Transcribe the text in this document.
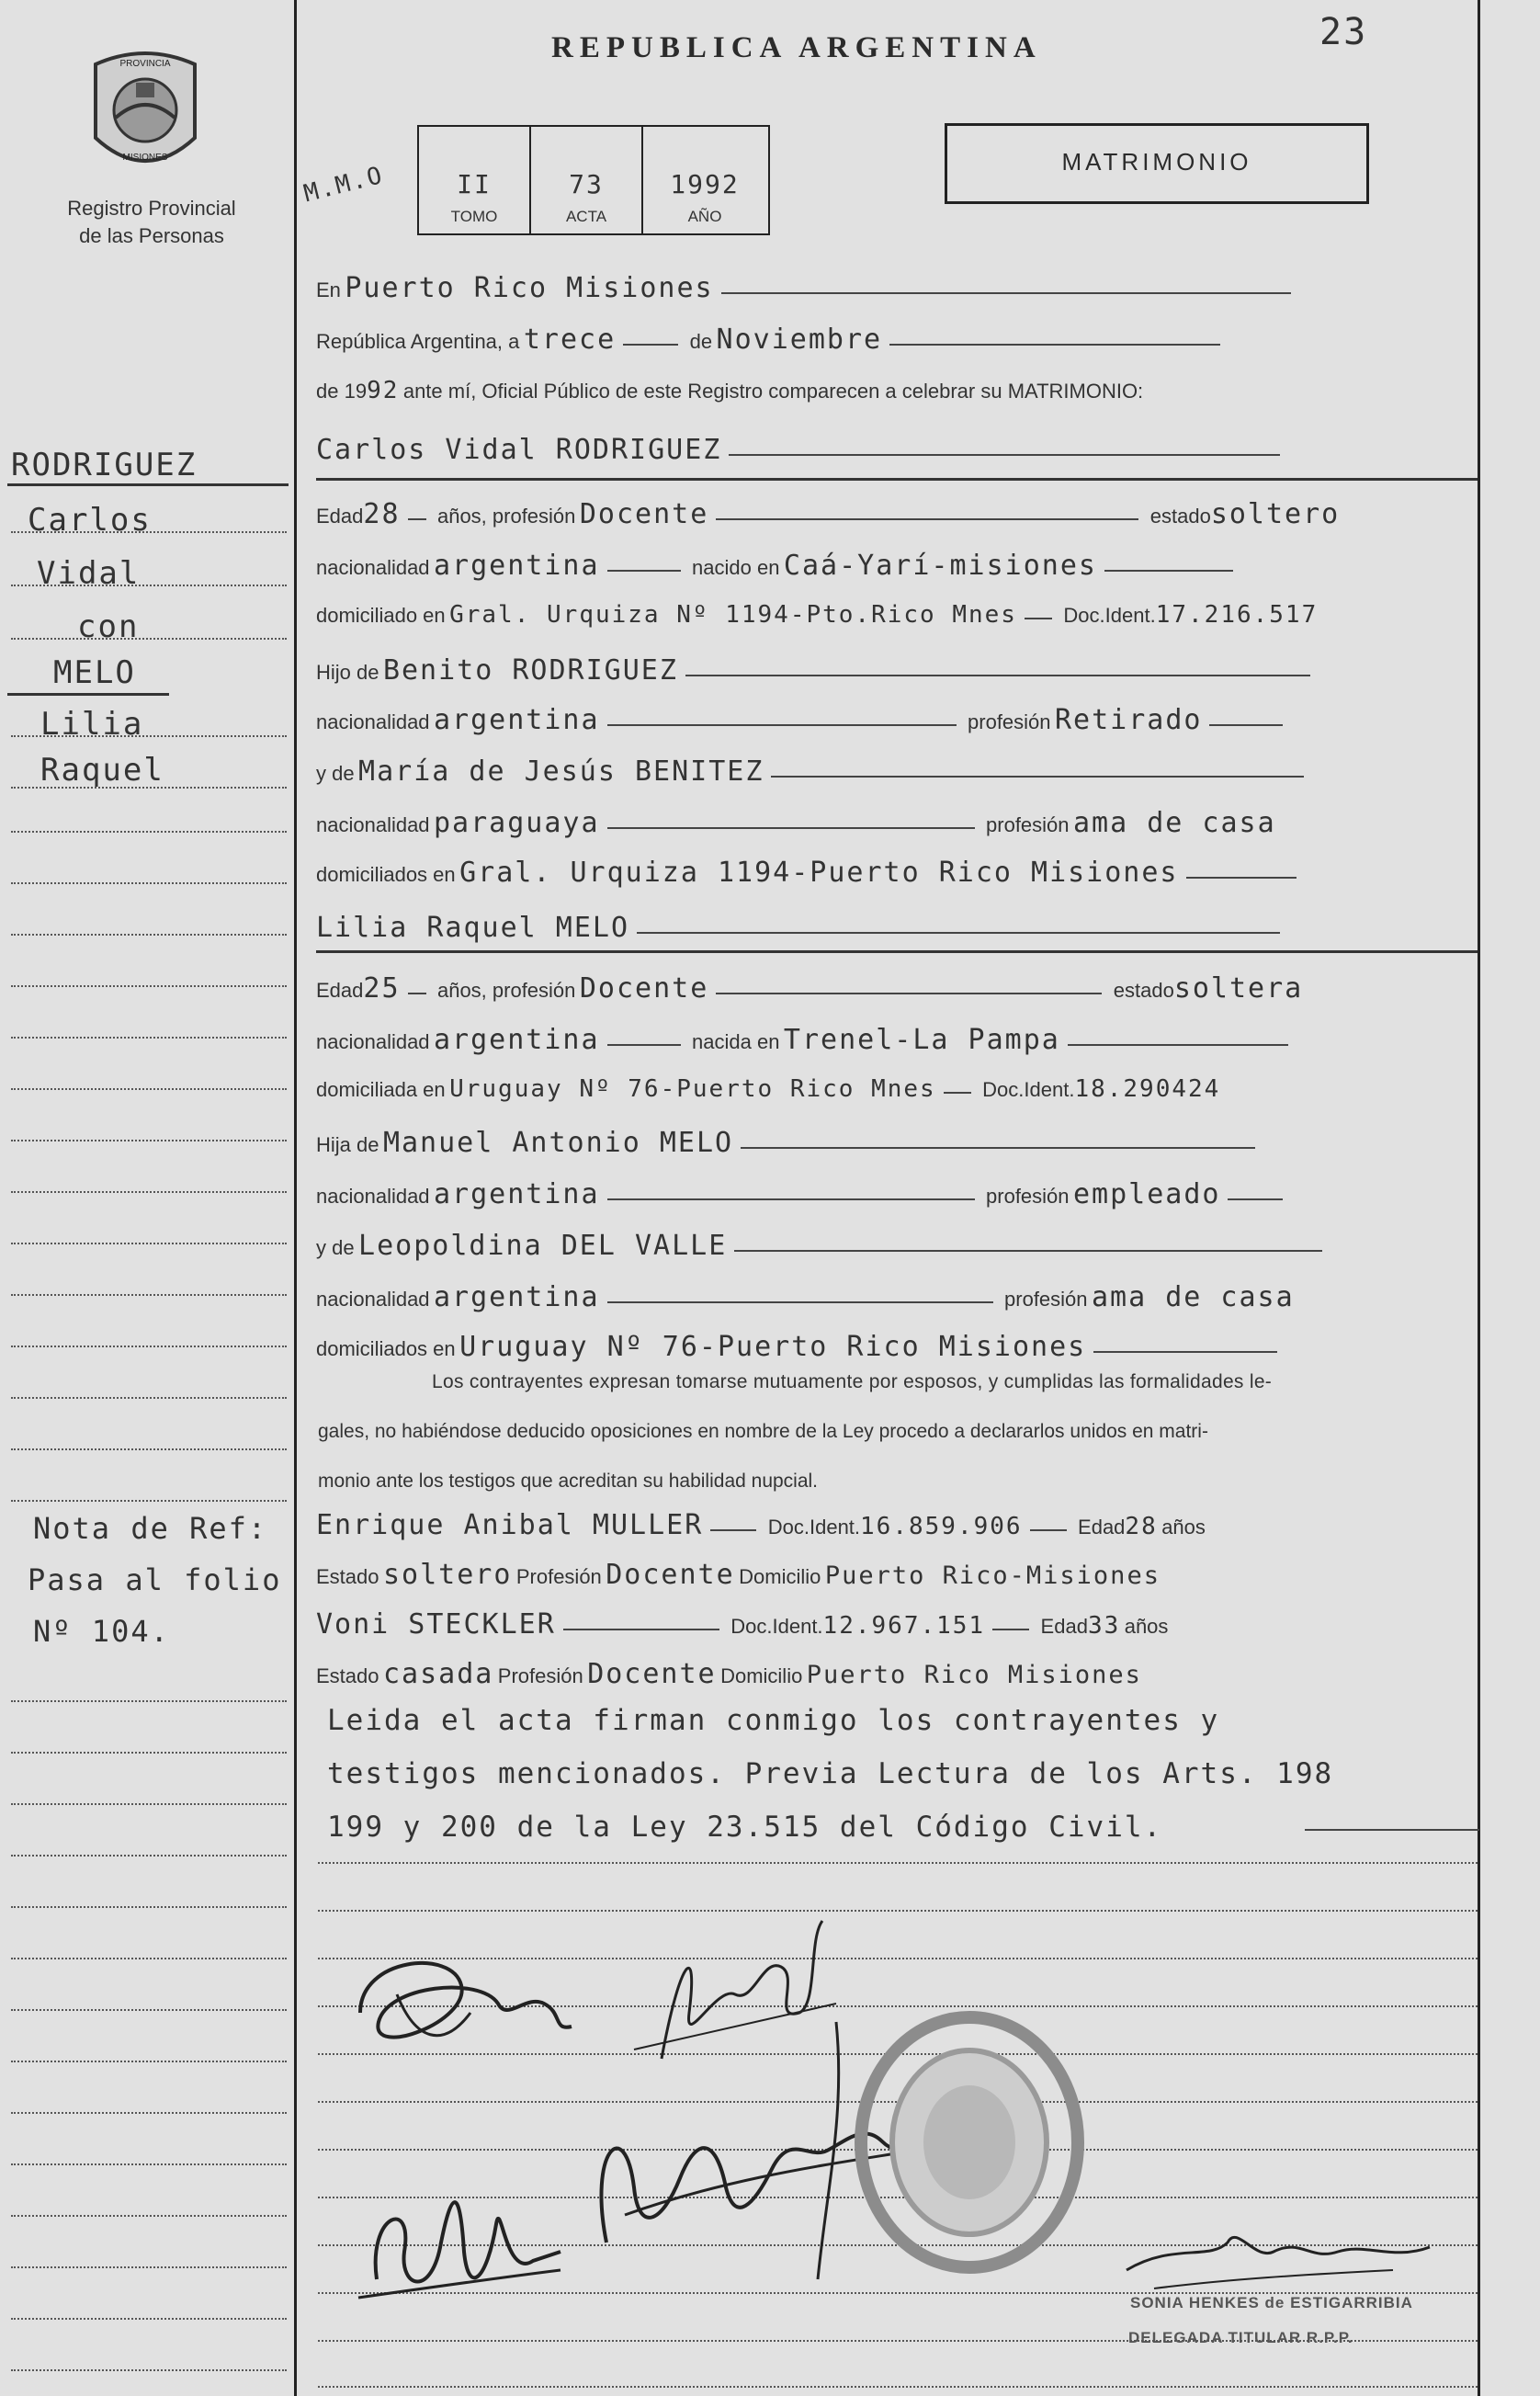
PROVINCIA
MISIONES
Registro Provincial
de las Personas
REPUBLICA ARGENTINA	23
M.M.O	II	73	1992
TOMO	ACTA	AÑO
MATRIMONIO
RODRIGUEZ
Carlos
Vidal
con
MELO
Lilia
Raquel
Nota de Ref:
Pasa al folio
Nº 104.
En Puerto Rico Misiones
República Argentina, a trece	de Noviembre
de 1992 ante mí, Oficial Público de este Registro comparecen a celebrar su MATRIMONIO:
Carlos Vidal RODRIGUEZ
Edad28 años, profesión Docente	estadosoltero
nacionalidad argentina	nacido en Caá-Yarí-misiones
domiciliado en Gral. Urquiza Nº 1194-Pto.Rico Mnes Doc.Ident.17.216.517
Hijo de Benito RODRIGUEZ
nacionalidad argentina	profesión Retirado
y de María de Jesús BENITEZ
nacionalidad paraguaya	profesión ama de casa
domiciliados en Gral. Urquiza 1194-Puerto Rico Misiones
Lilia Raquel MELO
Edad25 años, profesión Docente	estadosoltera
nacionalidad argentina	nacida en Trenel-La Pampa
domiciliada en Uruguay Nº 76-Puerto Rico Mnes Doc.Ident.18.290424
Hija de Manuel Antonio MELO
nacionalidad argentina	profesión empleado
y de Leopoldina DEL VALLE
nacionalidad argentina	profesión ama de casa
domiciliados en Uruguay Nº 76-Puerto Rico Misiones
Los contrayentes expresan tomarse mutuamente por esposos, y cumplidas las formalidades le-
gales, no habiéndose deducido oposiciones en nombre de la Ley procedo a declararlos unidos en matri-
monio ante los testigos que acreditan su habilidad nupcial.
Enrique Anibal MULLER	Doc.Ident.16.859.906	Edad28 años
Estado soltero Profesión Docente Domicilio Puerto Rico-Misiones
Voni STECKLER	Doc.Ident.12.967.151	Edad33 años
Estado casada Profesión Docente Domicilio Puerto Rico Misiones
Leida el acta firman conmigo los contrayentes y
testigos mencionados. Previa Lectura de los Arts. 198
199 y 200 de la Ley 23.515 del Código Civil.
SONIA HENKES de ESTIGARRIBIA
DELEGADA TITULAR R.P.P.
